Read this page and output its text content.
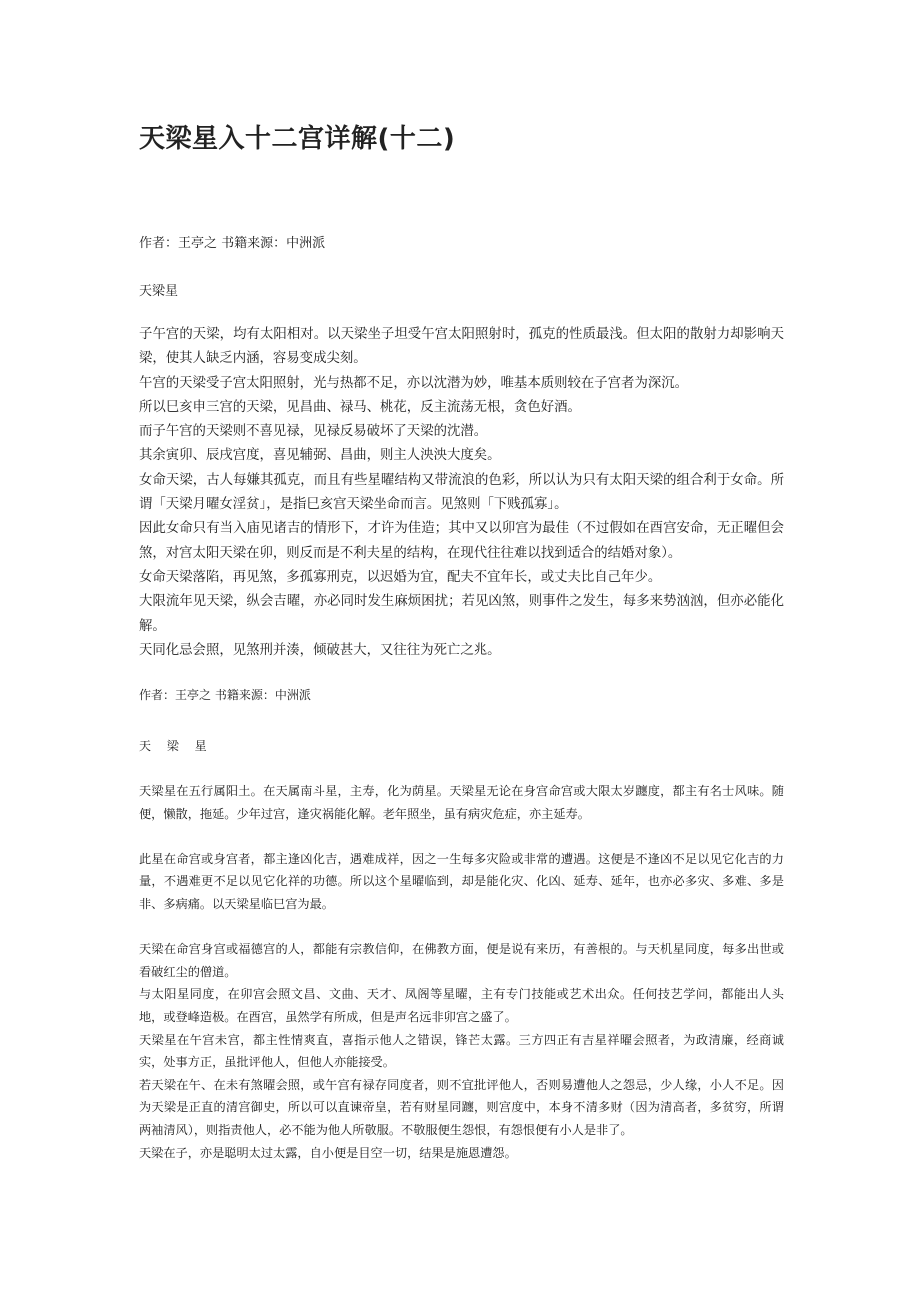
天梁星入十二宫详解(十二)
作者：王亭之 书籍来源：中洲派
天梁星

子午宫的天梁，均有太阳相对。以天梁坐子坦受午宫太阳照射时，孤克的性质最浅。但太阳的散射力却影响天梁，使其人缺乏内涵，容易变成尖刻。

午宫的天梁受子宫太阳照射，光与热都不足，亦以沈潜为妙，唯基本质则较在子宫者为深沉。

所以巳亥申三宫的天梁，见昌曲、禄马、桃花，反主流荡无根，贪色好酒。

而子午宫的天梁则不喜见禄，见禄反易破坏了天梁的沈潜。

其余寅卯、辰戌宫度，喜见辅弼、昌曲，则主人泱泱大度矣。

女命天梁，古人每嫌其孤克，而且有些星曜结构又带流浪的色彩，所以认为只有太阳天梁的组合利于女命。所谓「天梁月曜女淫贫」，是指巳亥宫天梁坐命而言。见煞则「下贱孤寡」。

因此女命只有当入庙见诸吉的情形下，才许为佳造；其中又以卯宫为最佳（不过假如在酉宫安命，无正曜但会煞，对宫太阳天梁在卯，则反而是不利夫星的结构，在现代往往难以找到适合的结婚对象）。

女命天梁落陷，再见煞，多孤寡刑克，以迟婚为宜，配夫不宜年长，或丈夫比自己年少。

大限流年见天梁，纵会吉曜，亦必同时发生麻烦困扰；若见凶煞，则事件之发生，每多来势汹汹，但亦必能化解。

天同化忌会照，见煞刑并湊，倾破甚大，又往往为死亡之兆。

作者：王亭之 书籍来源：中洲派
天 梁 星

天梁星在五行属阳土。在天属南斗星，主寿，化为荫星。天梁星无论在身宫命宫或大限太岁躔度，都主有名士风味。随便，懒散，拖延。少年过宫，逢灾祸能化解。老年照坐，虽有病灾危症，亦主延寿。

此星在命宫或身宫者，都主逢凶化吉，遇难成祥，因之一生每多灾险或非常的遭遇。这便是不逢凶不足以见它化吉的力量，不遇难更不足以见它化祥的功德。所以这个星曜临到，却是能化灾、化凶、延寿、延年，也亦必多灾、多难、多是非、多病痛。以天梁星临巳宫为最。

天梁在命宫身宫或福德宫的人，都能有宗教信仰，在佛教方面，便是说有来历，有善根的。与天机星同度，每多出世或看破红尘的僧道。

与太阳星同度，在卯宫会照文昌、文曲、天才、凤阁等星曜，主有专门技能或艺术出众。任何技艺学问，都能出人头地，或登峰造极。在酉宫，虽然学有所成，但是声名远非卯宫之盛了。

天梁星在午宫未宫，都主性情爽直，喜指示他人之错误，锋芒太露。三方四正有吉星祥曜会照者，为政清廉，经商诚实，处事方正，虽批评他人，但他人亦能接受。

若天梁在午、在未有煞曜会照，或午宫有禄存同度者，则不宜批评他人，否则易遭他人之怨忌，少人缘，小人不足。因为天梁是正直的清宫御史，所以可以直谏帝皇，若有财星同躔，则宫度中，本身不清多财（因为清高者，多贫穷，所谓两袖清风），则指责他人，必不能为他人所敬服。不敬服便生怨恨，有怨恨便有小人是非了。

天梁在子，亦是聪明太过太露，自小便是目空一切，结果是施恩遭怨。
